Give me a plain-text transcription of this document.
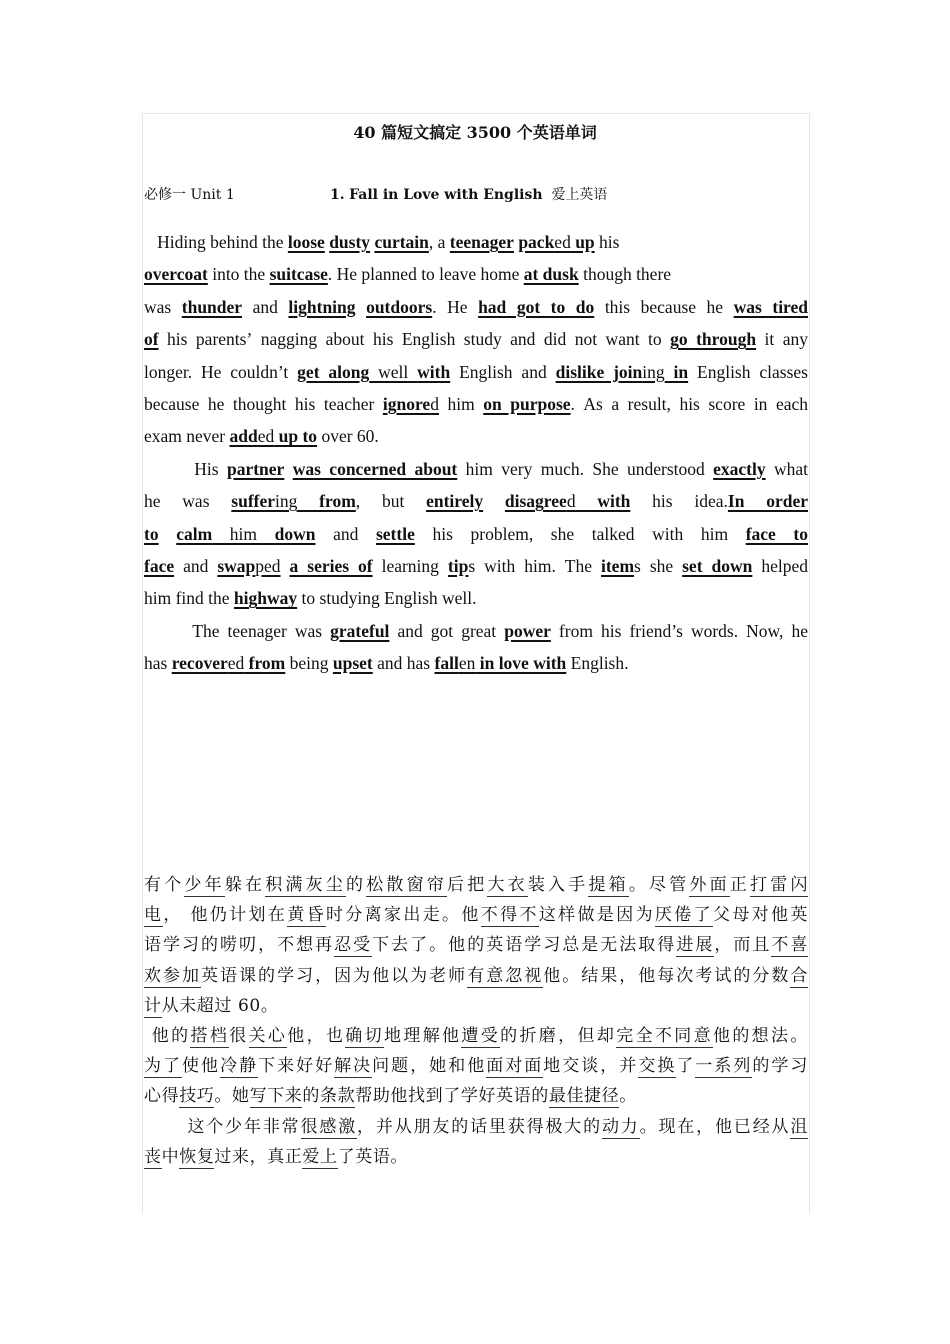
40 篇短文搞定 3500 个英语单词
必修一 Unit 1	1. Fall in Love with English 爱上英语
Hiding behind the loose dusty curtain, a teenager packed up his
overcoat into the suitcase. He planned to leave home at dusk though there
was thunder and lightning outdoors. He had got to do this because he was tired
of his parents’ nagging about his English study and did not want to go through it any
longer. He couldn’t get along well with English and dislike joining in English classes
because he thought his teacher ignored him on purpose. As a result, his score in each
exam never added up to over 60.
His partner was concerned about him very much. She understood exactly what
he was suffering from, but entirely disagreed with his idea.In order
to calm him down and settle his problem, she talked with him face to
face and swapped a series of learning tips with him. The items she set down helped
him find the highway to studying English well.
The teenager was grateful and got great power from his friend’s words. Now, he
has recovered from being upset and has fallen in love with English.
有个少年躲在积满灰尘的松散窗帘后把大衣装入手提箱。尽管外面正打雷闪
电， 他仍计划在黄昏时分离家出走。他不得不这样做是因为厌倦了父母对他英
语学习的唠叨，不想再忍受下去了。他的英语学习总是无法取得进展，而且不喜
欢参加英语课的学习，因为他以为老师有意忽视他。结果，他每次考试的分数合
计从未超过 60。
他的搭档很关心他，也确切地理解他遭受的折磨，但却完全不同意他的想法。
为了使他冷静下来好好解决问题，她和他面对面地交谈，并交换了一系列的学习
心得技巧。她写下来的条款帮助他找到了学好英语的最佳捷径。
这个少年非常很感激，并从朋友的话里获得极大的动力。现在，他已经从沮
丧中恢复过来，真正爱上了英语。
